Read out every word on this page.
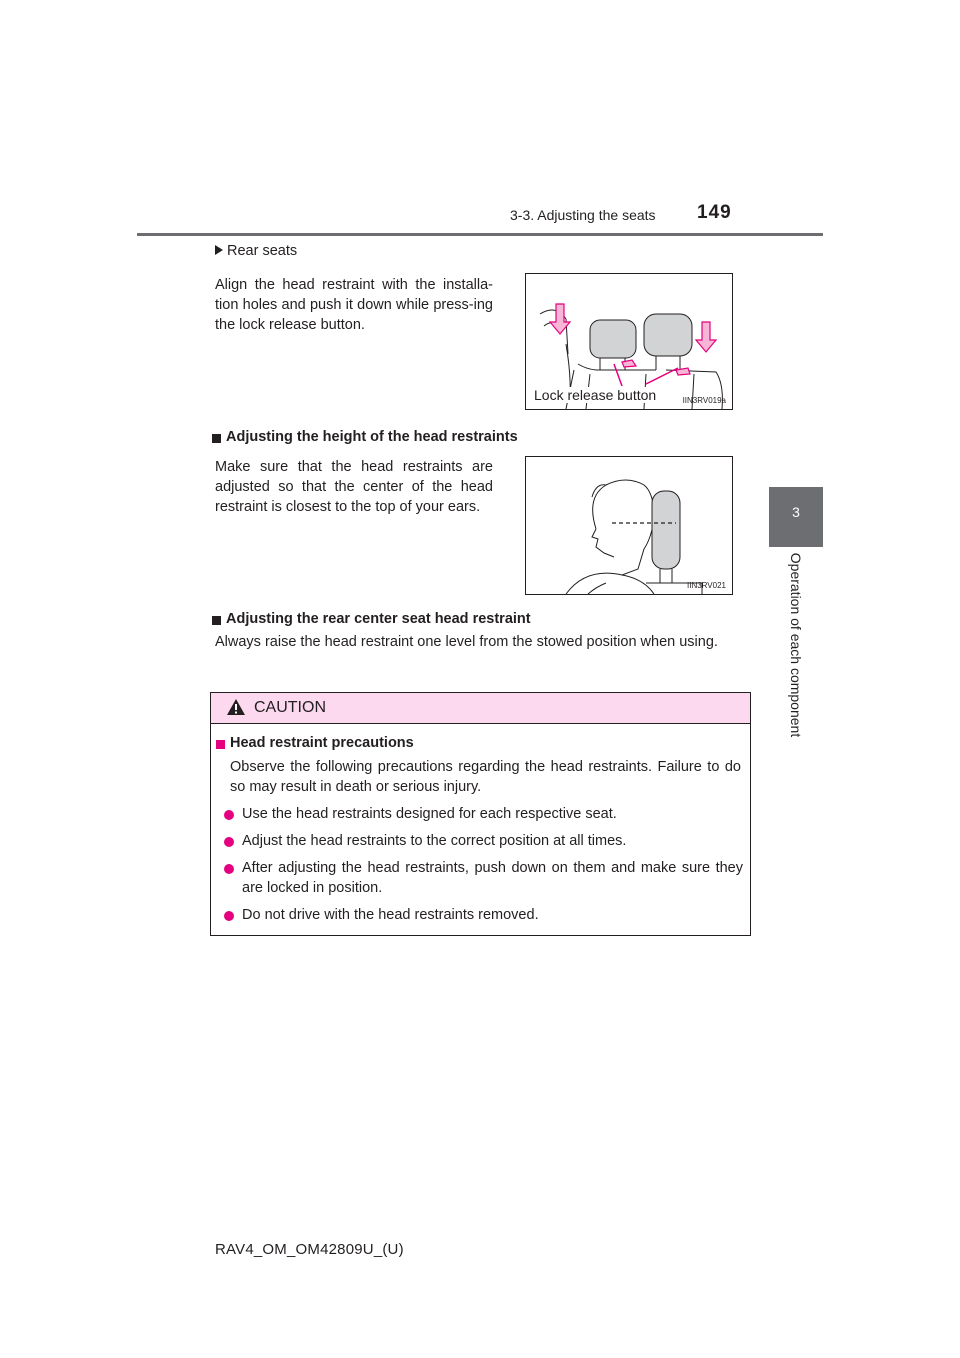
3-3. Adjusting the seats 149
3
Operation of each component
Rear seats
Align the head restraint with the installa-tion holes and push it down while press-ing the lock release button.
Lock release button	IIN3RV019a
Adjusting the height of the head restraints
Make sure that the head restraints are adjusted so that the center of the head restraint is closest to the top of your ears.
IIN3RV021
Adjusting the rear center seat head restraint
Always raise the head restraint one level from the stowed position when using.
CAUTION
Head restraint precautions
Observe the following precautions regarding the head restraints. Failure to do so may result in death or serious injury.
Use the head restraints designed for each respective seat.
Adjust the head restraints to the correct position at all times.
After adjusting the head restraints, push down on them and make sure they are locked in position.
Do not drive with the head restraints removed.
RAV4_OM_OM42809U_(U)
